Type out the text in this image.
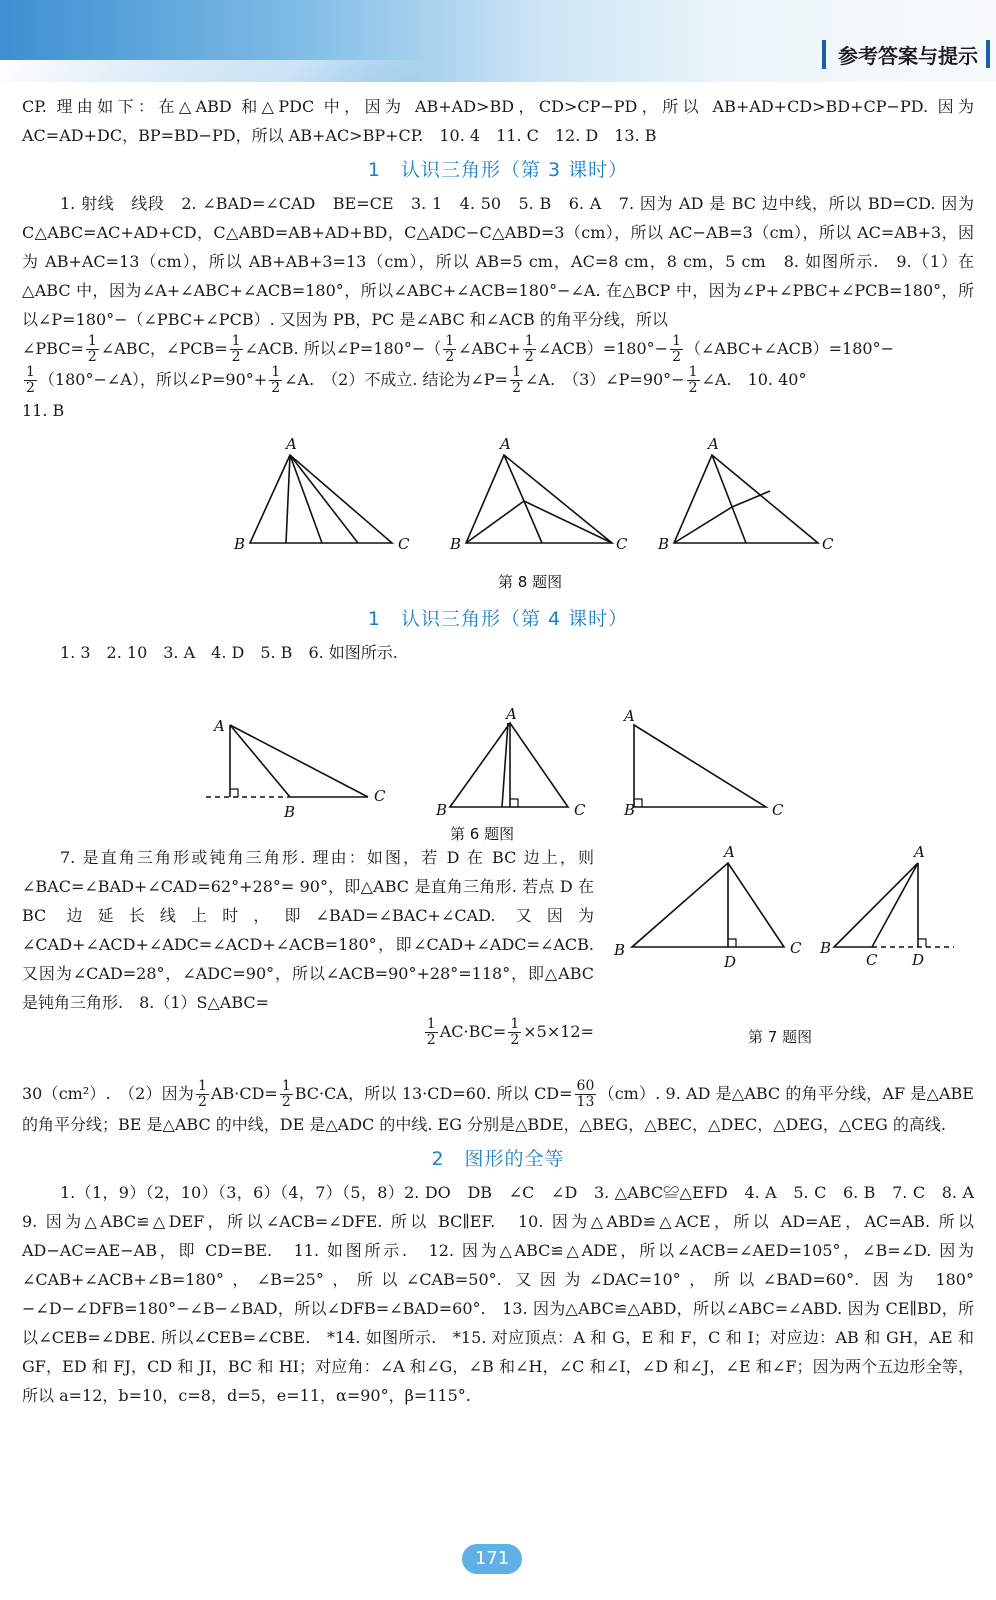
参考答案与提示

CP. 理由如下：在△ABD 和△PDC 中，因为 AB+AD>BD，CD>CP−PD，所以 AB+AD+CD>BD+CP−PD. 因为 AC=AD+DC，BP=BD−PD，所以 AB+AC>BP+CP.　10. 4　11. C　12. D　13. B

1　认识三角形（第 3 课时）

1. 射线　线段　2. ∠BAD=∠CAD　BE=CE　3. 1　4. 50　5. B　6. A　7. 因为 AD 是 BC 边中线，所以 BD=CD. 因为 C△ABC=AC+AD+CD，C△ABD=AB+AD+BD，C△ADC−C△ABD=3（cm），所以 AC−AB=3（cm），所以 AC=AB+3，因为 AB+AC=13（cm），所以 AB+AB+3=13（cm），所以 AB=5 cm，AC=8 cm，8 cm，5 cm　8. 如图所示.　9.（1）在△ABC 中，因为∠A+∠ABC+∠ACB=180°，所以∠ABC+∠ACB=180°−∠A. 在△BCP 中，因为∠P+∠PBC+∠PCB=180°，所以∠P=180°−（∠PBC+∠PCB）. 又因为 PB，PC 是∠ABC 和∠ACB 的角平分线，所以

∠PBC= $\frac{1}{2}$ ∠ABC，∠PCB= $\frac{1}{2}$ ∠ACB. 所以∠P=180°−（ $\frac{1}{2}$ ∠ABC+ $\frac{1}{2}$ ∠ACB）=180°− $\frac{1}{2}$ （∠ABC+∠ACB）=180°−

$\frac{1}{2}$ （180°−∠A），所以∠P=90°+ $\frac{1}{2}$ ∠A.　（2）不成立. 结论为∠P= $\frac{1}{2}$ ∠A.　（3）∠P=90°− $\frac{1}{2}$ ∠A.　10. 40°

11. B

A
B	C
A
B	C
A
B	C
第 8 题图
1　认识三角形（第 4 课时）

1. 3　2. 10　3. A　4. D　5. B　6. 如图所示.

A
B
C
A
B	C
A
B	C
第 6 题图

7. 是直角三角形或钝角三角形. 理由：如图，若 D 在 BC 边上，则∠BAC=∠BAD+∠CAD=62°+28°= 90°，即△ABC 是直角三角形. 若点 D 在 BC 边延长线上时，即∠BAD=∠BAC+∠CAD. 又因为∠CAD+∠ACD+∠ADC=∠ACD+∠ACB=180°，即∠CAD+∠ADC=∠ACB. 又因为∠CAD=28°，∠ADC=90°，所以∠ACB=90°+28°=118°，即△ABC 是钝角三角形.　8.（1）S△ABC=

$\frac{1}{2} AC\cdot BC= \frac{1}{2} \times 5\times 12=$

A
B	C
D
A
B
C D
第 7 题图

30（cm²）.　（2）因为 $\frac{1}{2} AB\cdot CD= \frac{1}{2} BC\cdot CA$，所以 13·CD=60. 所以 $CD= \frac{60}{13} (cm)$. 9. AD 是△ABC 的角平分线，AF 是△ABE 的角平分线；BE 是△ABC 的中线，DE 是△ADC 的中线. EG 分别是△BDE，△BEG，△BEC，△DEC，△DEG，△CEG 的高线.

2　图形的全等

1.（1，9）（2，10）（3，6）（4，7）（5，8）2. DO　DB　∠C　∠D　3. △ABC≌△EFD　4. A　5. C　6. B　7. C　8. A　9. 因为△ABC≌△DEF，所以∠ACB=∠DFE. 所以 BC∥EF.　10. 因为△ABD≌△ACE，所以 AD=AE，AC=AB. 所以 AD−AC=AE−AB，即 CD=BE.　11. 如图所示.　12. 因为△ABC≌△ADE，所以∠ACB=∠AED=105°，∠B=∠D. 因为∠CAB+∠ACB+∠B=180°，∠B=25°，所以∠CAB=50°. 又因为∠DAC=10°，所以∠BAD=60°. 因为 180°−∠D−∠DFB=180°−∠B−∠BAD，所以∠DFB=∠BAD=60°.　13. 因为△ABC≌△ABD，所以∠ABC=∠ABD. 因为 CE∥BD，所以∠CEB=∠DBE. 所以∠CEB=∠CBE.　*14. 如图所示.　*15. 对应顶点：A 和 G，E 和 F，C 和 I；对应边：AB 和 GH，AE 和 GF，ED 和 FJ，CD 和 JI，BC 和 HI；对应角：∠A 和∠G，∠B 和∠H，∠C 和∠I，∠D 和∠J，∠E 和∠F；因为两个五边形全等，所以 a=12，b=10，c=8，d=5，e=11，α=90°，β=115°.

171
